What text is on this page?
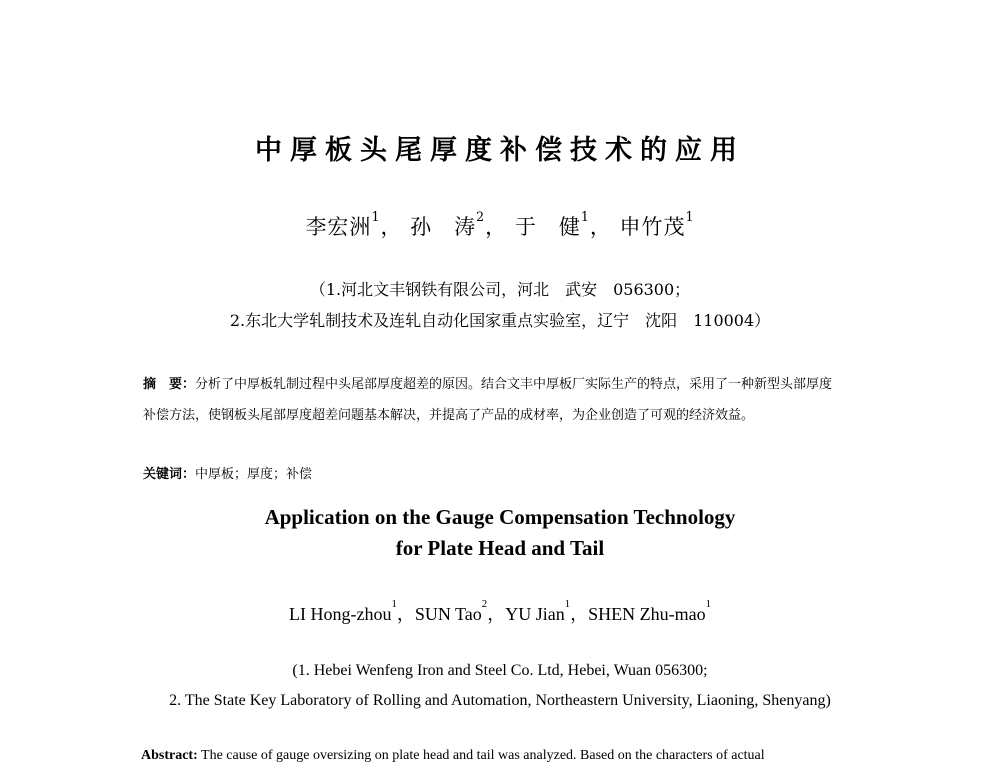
中厚板头尾厚度补偿技术的应用
李宏洲$^1$， 孙　涛$^2$， 于　健$^1$， 申竹茂$^1$
（1.河北文丰钢铁有限公司，河北　武安　056300；
2.东北大学轧制技术及连轧自动化国家重点实验室，辽宁　沈阳　110004）
摘　要：分析了中厚板轧制过程中头尾部厚度超差的原因。结合文丰中厚板厂实际生产的特点，采用了一种新型头部厚度补偿方法，使钢板头尾部厚度超差问题基本解决，并提高了产品的成材率，为企业创造了可观的经济效益。
关键词：中厚板；厚度；补偿
Application on the Gauge Compensation Technology
for Plate Head and Tail
LI Hong-zhou$^1$，SUN Tao$^2$，YU Jian$^1$，SHEN Zhu-mao$^1$
(1. Hebei Wenfeng Iron and Steel Co. Ltd, Hebei, Wuan 056300;
2. The State Key Laboratory of Rolling and Automation, Northeastern University, Liaoning, Shenyang)
Abstract: The cause of gauge oversizing on plate head and tail was analyzed. Based on the characters of actual
